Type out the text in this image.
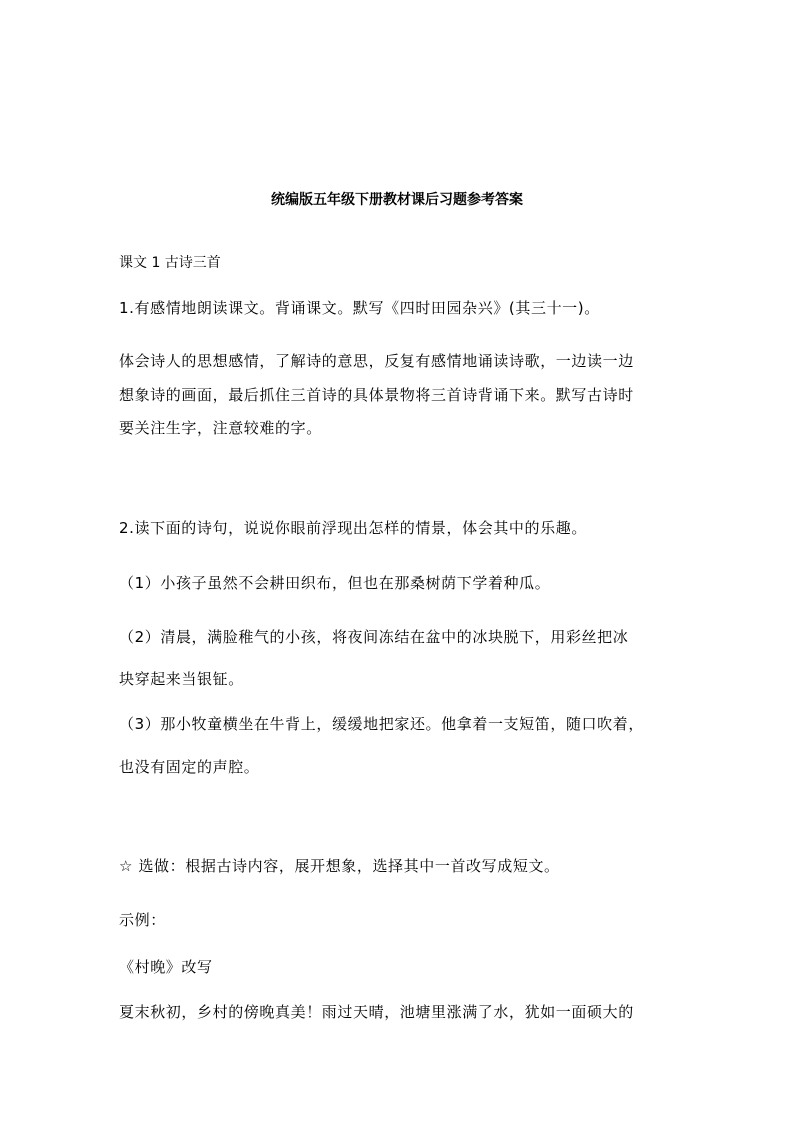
统编版五年级下册教材课后习题参考答案
课文 1 古诗三首
1.有感情地朗读课文。背诵课文。默写《四时田园杂兴》(其三十一)。
体会诗人的思想感情，了解诗的意思，反复有感情地诵读诗歌，一边读一边
想象诗的画面，最后抓住三首诗的具体景物将三首诗背诵下来。默写古诗时
要关注生字，注意较难的字。
2.读下面的诗句，说说你眼前浮现出怎样的情景，体会其中的乐趣。
（1）小孩子虽然不会耕田织布，但也在那桑树荫下学着种瓜。
（2）清晨，满脸稚气的小孩，将夜间冻结在盆中的冰块脱下，用彩丝把冰
块穿起来当银钲。
（3）那小牧童横坐在牛背上，缓缓地把家还。他拿着一支短笛，随口吹着，
也没有固定的声腔。
☆ 选做：根据古诗内容，展开想象，选择其中一首改写成短文。
示例：
《村晚》改写
夏末秋初，乡村的傍晚真美！雨过天晴，池塘里涨满了水，犹如一面硕大的
